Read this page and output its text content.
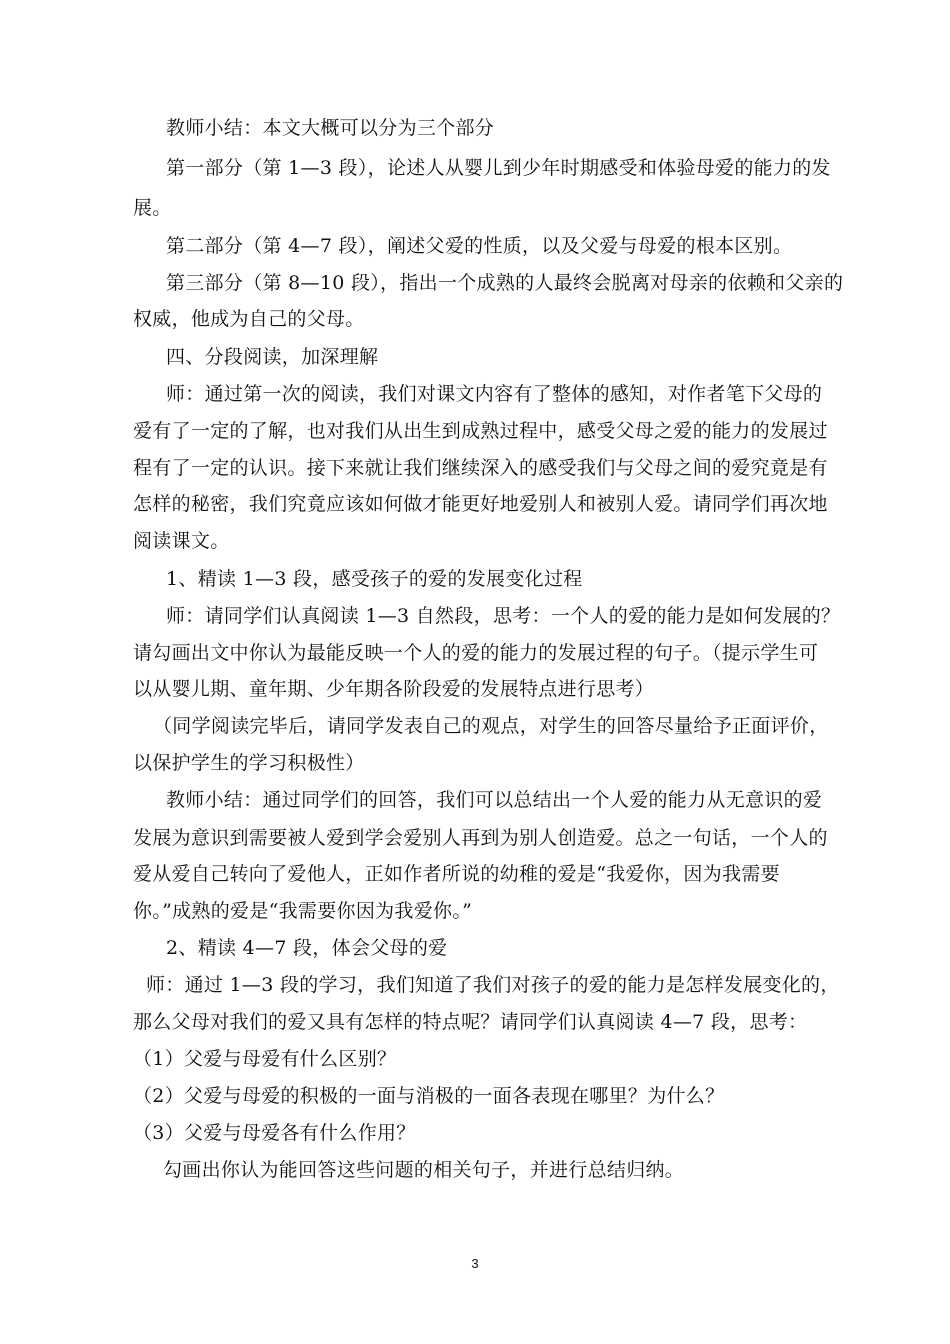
教师小结：本文大概可以分为三个部分
第一部分（第 1—3 段），论述人从婴儿到少年时期感受和体验母爱的能力的发
展。
第二部分（第 4—7 段），阐述父爱的性质，以及父爱与母爱的根本区别。
第三部分（第 8—10 段），指出一个成熟的人最终会脱离对母亲的依赖和父亲的
权威，他成为自己的父母。
四、分段阅读，加深理解
师：通过第一次的阅读，我们对课文内容有了整体的感知，对作者笔下父母的
爱有了一定的了解，也对我们从出生到成熟过程中，感受父母之爱的能力的发展过
程有了一定的认识。接下来就让我们继续深入的感受我们与父母之间的爱究竟是有
怎样的秘密，我们究竟应该如何做才能更好地爱别人和被别人爱。请同学们再次地
阅读课文。
1、精读 1—3 段，感受孩子的爱的发展变化过程
师：请同学们认真阅读 1—3 自然段，思考：一个人的爱的能力是如何发展的？
请勾画出文中你认为最能反映一个人的爱的能力的发展过程的句子。（提示学生可
以从婴儿期、童年期、少年期各阶段爱的发展特点进行思考）
（同学阅读完毕后，请同学发表自己的观点，对学生的回答尽量给予正面评价，
以保护学生的学习积极性）
教师小结：通过同学们的回答，我们可以总结出一个人爱的能力从无意识的爱
发展为意识到需要被人爱到学会爱别人再到为别人创造爱。总之一句话，一个人的
爱从爱自己转向了爱他人，正如作者所说的幼稚的爱是“我爱你，因为我需要
你。”成熟的爱是“我需要你因为我爱你。”
2、精读 4—7 段，体会父母的爱
师：通过 1—3 段的学习，我们知道了我们对孩子的爱的能力是怎样发展变化的，
那么父母对我们的爱又具有怎样的特点呢？请同学们认真阅读 4—7 段，思考：
（1）父爱与母爱有什么区别？
（2）父爱与母爱的积极的一面与消极的一面各表现在哪里？为什么？
（3）父爱与母爱各有什么作用？
勾画出你认为能回答这些问题的相关句子，并进行总结归纳。
3
